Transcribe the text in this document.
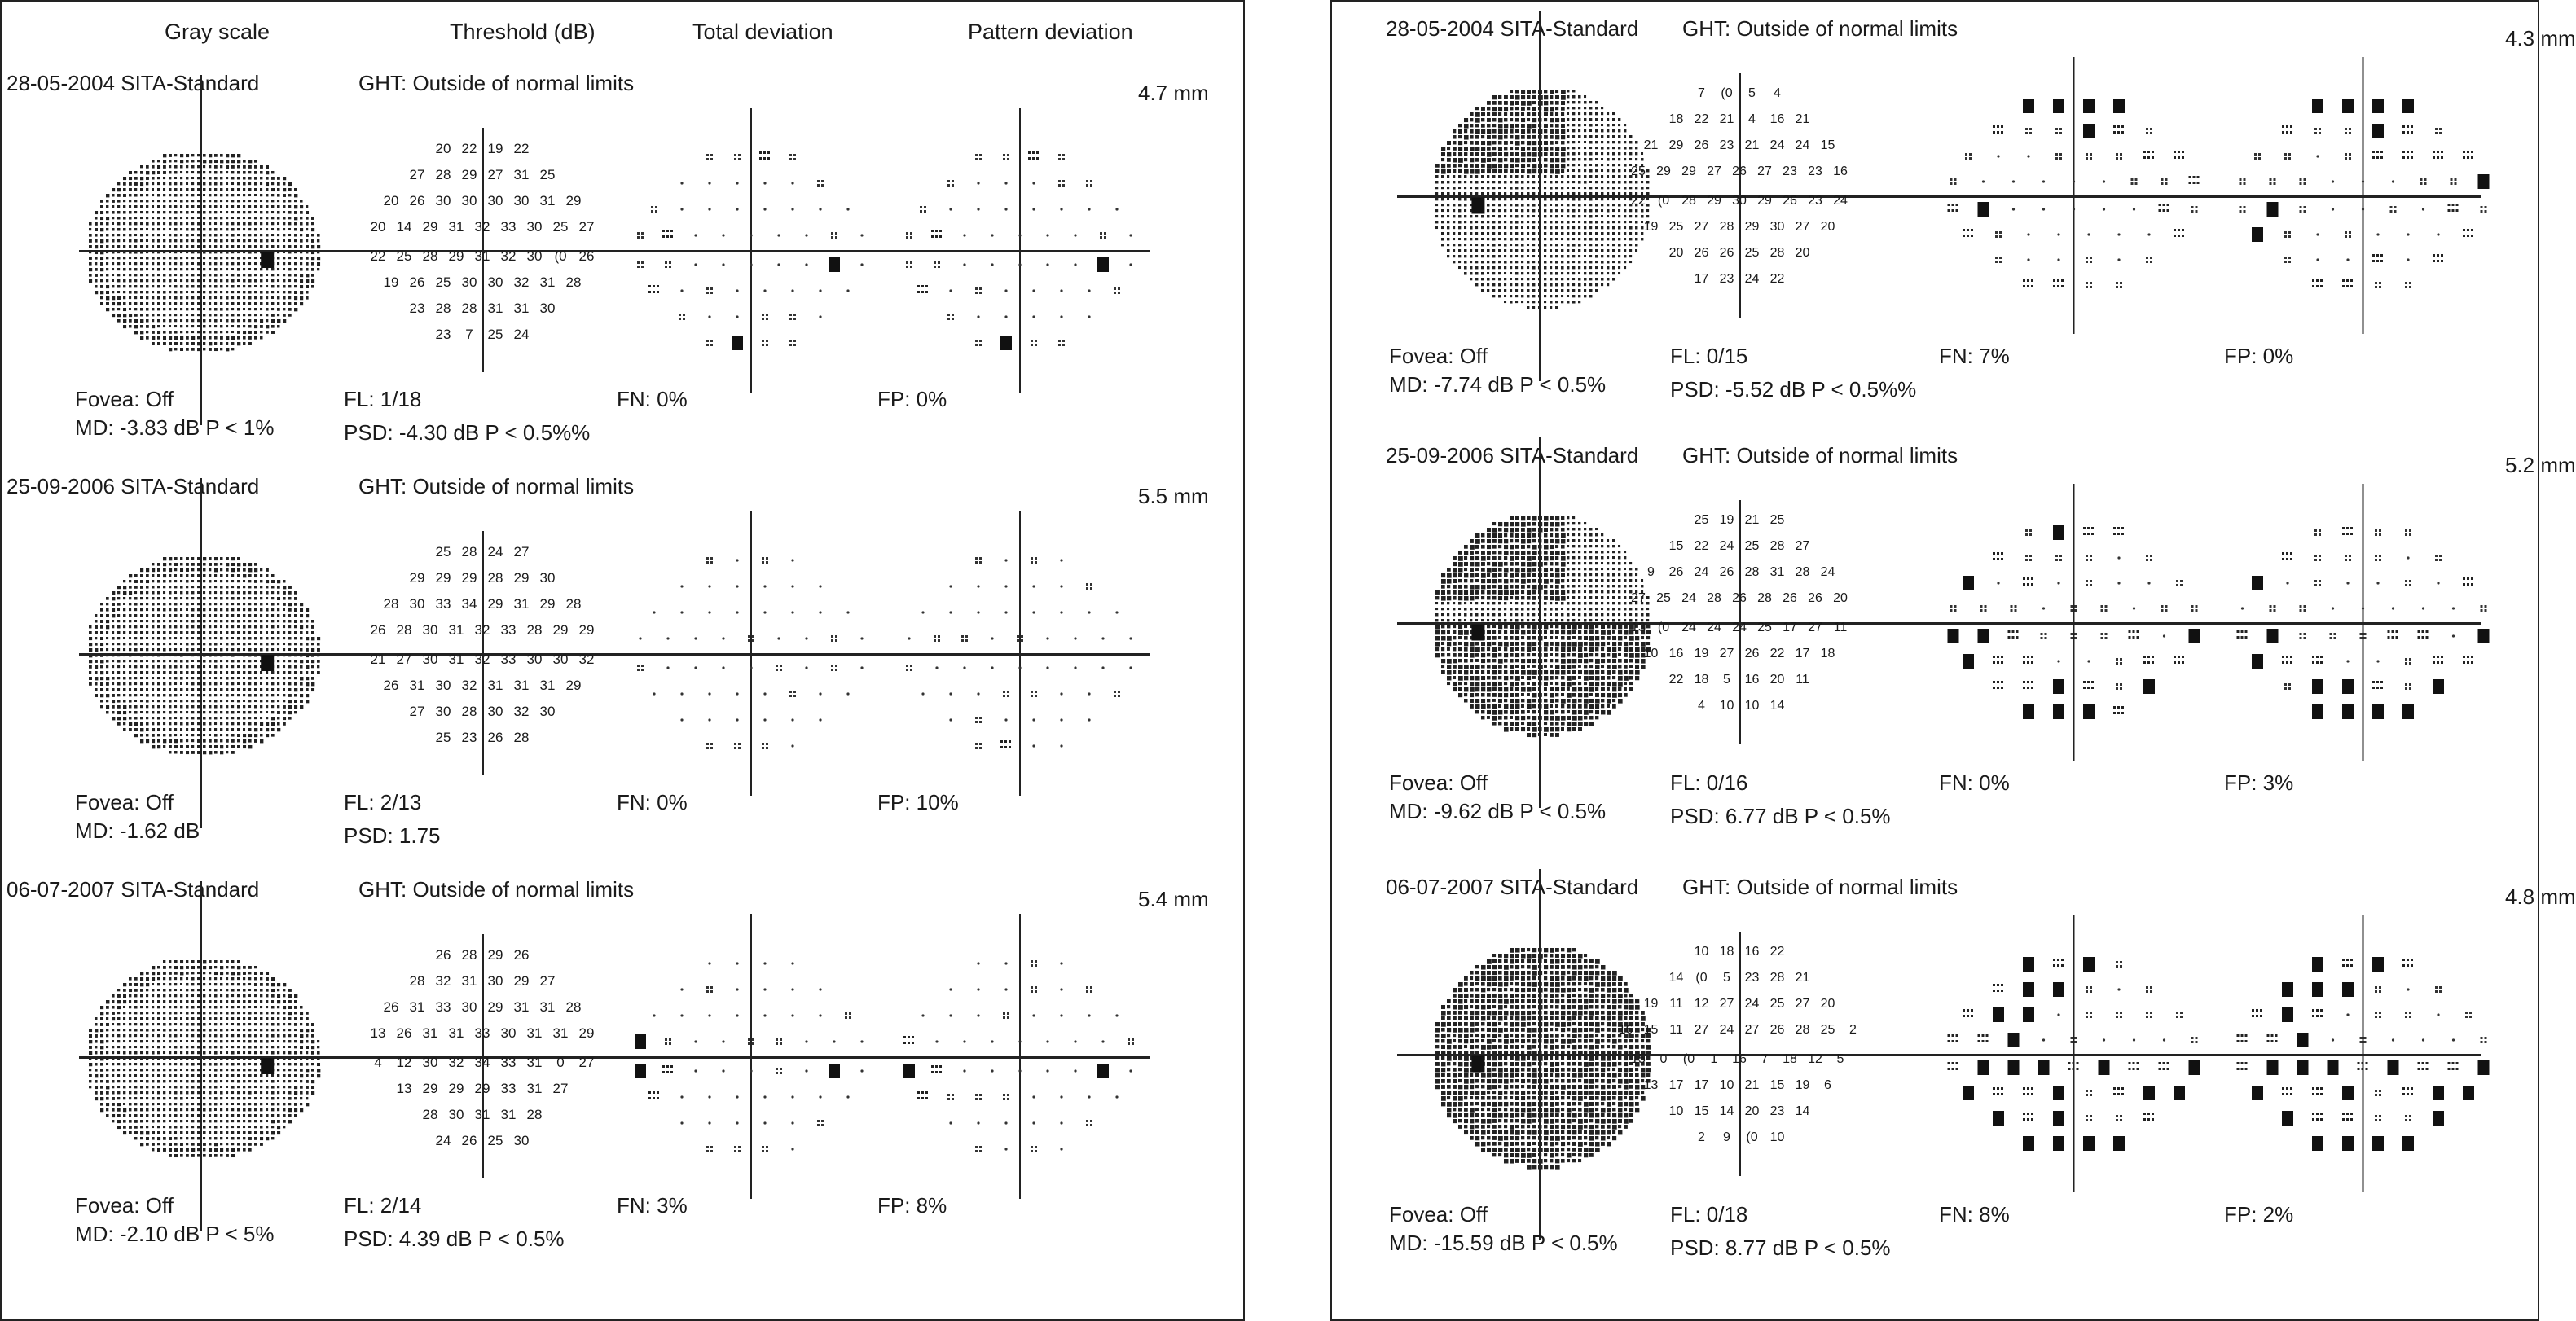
Gray scale	Threshold (dB)	Total deviation	Pattern deviation
28-05-2004 SITA-Standard	GHT: Outside of normal limits	4.7 mm
20 22 19 22
27 28 29 27 31 25
20 26 30 30 30 30 31 29
20 14 29 31 32 33 30 25 27
22 25 28 29 31 32 30 (0 26
19 26 25 30 30 32 31 28
23 28 28 31 31 30
23	7	25 24
Fovea: Off	FL: 1/18	FN: 0%	FP: 0%
MD: -3.83 dB P < 1%	PSD: -4.30 dB P < 0.5%%
25-09-2006 SITA-Standard	GHT: Outside of normal limits	5.5 mm
25 28 24 27
29 29 29 28 29 30
28 30 33 34 29 31 29 28
26 28 30 31 32 33 28 29 29
21 27 30 31 32 33 30 30 32
26 31 30 32 31 31 31 29
27 30 28 30 32 30
25 23 26 28
Fovea: Off	FL: 2/13	FN: 0%	FP: 10%
MD: -1.62 dB	PSD: 1.75
06-07-2007 SITA-Standard	GHT: Outside of normal limits	5.4 mm
26 28 29 26
28 32 31 30 29 27
26 31 33 30 29 31 31 28
13 26 31 31 33 30 31 31 29
4	12 30 32 34 33 31	0	27
13 29 29 29 33 31 27
28 30 31 31 28
24 26 25 30
Fovea: Off	FL: 2/14	FN: 3%	FP: 8%
MD: -2.10 dB P < 5%	PSD: 4.39 dB P < 0.5%
28-05-2004 SITA-Standard GHT: Outside of normal limits	4.3 mm
7	(0	5	4
18 22 21	4	16 21
21 29 26 23 21 24 24 15
25 29 29 27 26 27 23 23 16
22 (0 28 29 30 29 26 23 24
19 25 27 28 29 30 27 20
20 26 26 25 28 20
17 23 24 22
Fovea: Off	FL: 0/15	FN: 7%	FP: 0%
MD: -7.74 dB P < 0.5%	PSD: -5.52 dB P < 0.5%%
25-09-2006 SITA-Standard GHT: Outside of normal limits	5.2 mm
25 19 21 25
15 22 24 25 28 27
9	26 24 26 28 31 28 24
27 25 24 28 26 28 26 26 20
13 (0 24 24 24 25 17 27 11
10 16 19 27 26 22 17 18
22 18	5	16 20 11
4	10 10 14
Fovea: Off	FL: 0/16	FN: 0%	FP: 3%
MD: -9.62 dB P < 0.5%	PSD: 6.77 dB P < 0.5%
06-07-2007 SITA-Standard GHT: Outside of normal limits	4.8 mm
10 18 16 22
14 (0	5	23 28 21
19 11 12 27 24 25 27 20
16 15 11 27 24 27 26 28 25	2
15	0	(0	1	16	7	18 12	5
13 17 17 10 21 15 19	6
10 15 14 20 23 14
2	9	(0 10
Fovea: Off	FL: 0/18	FN: 8%	FP: 2%
MD: -15.59 dB P < 0.5% PSD: 8.77 dB P < 0.5%
